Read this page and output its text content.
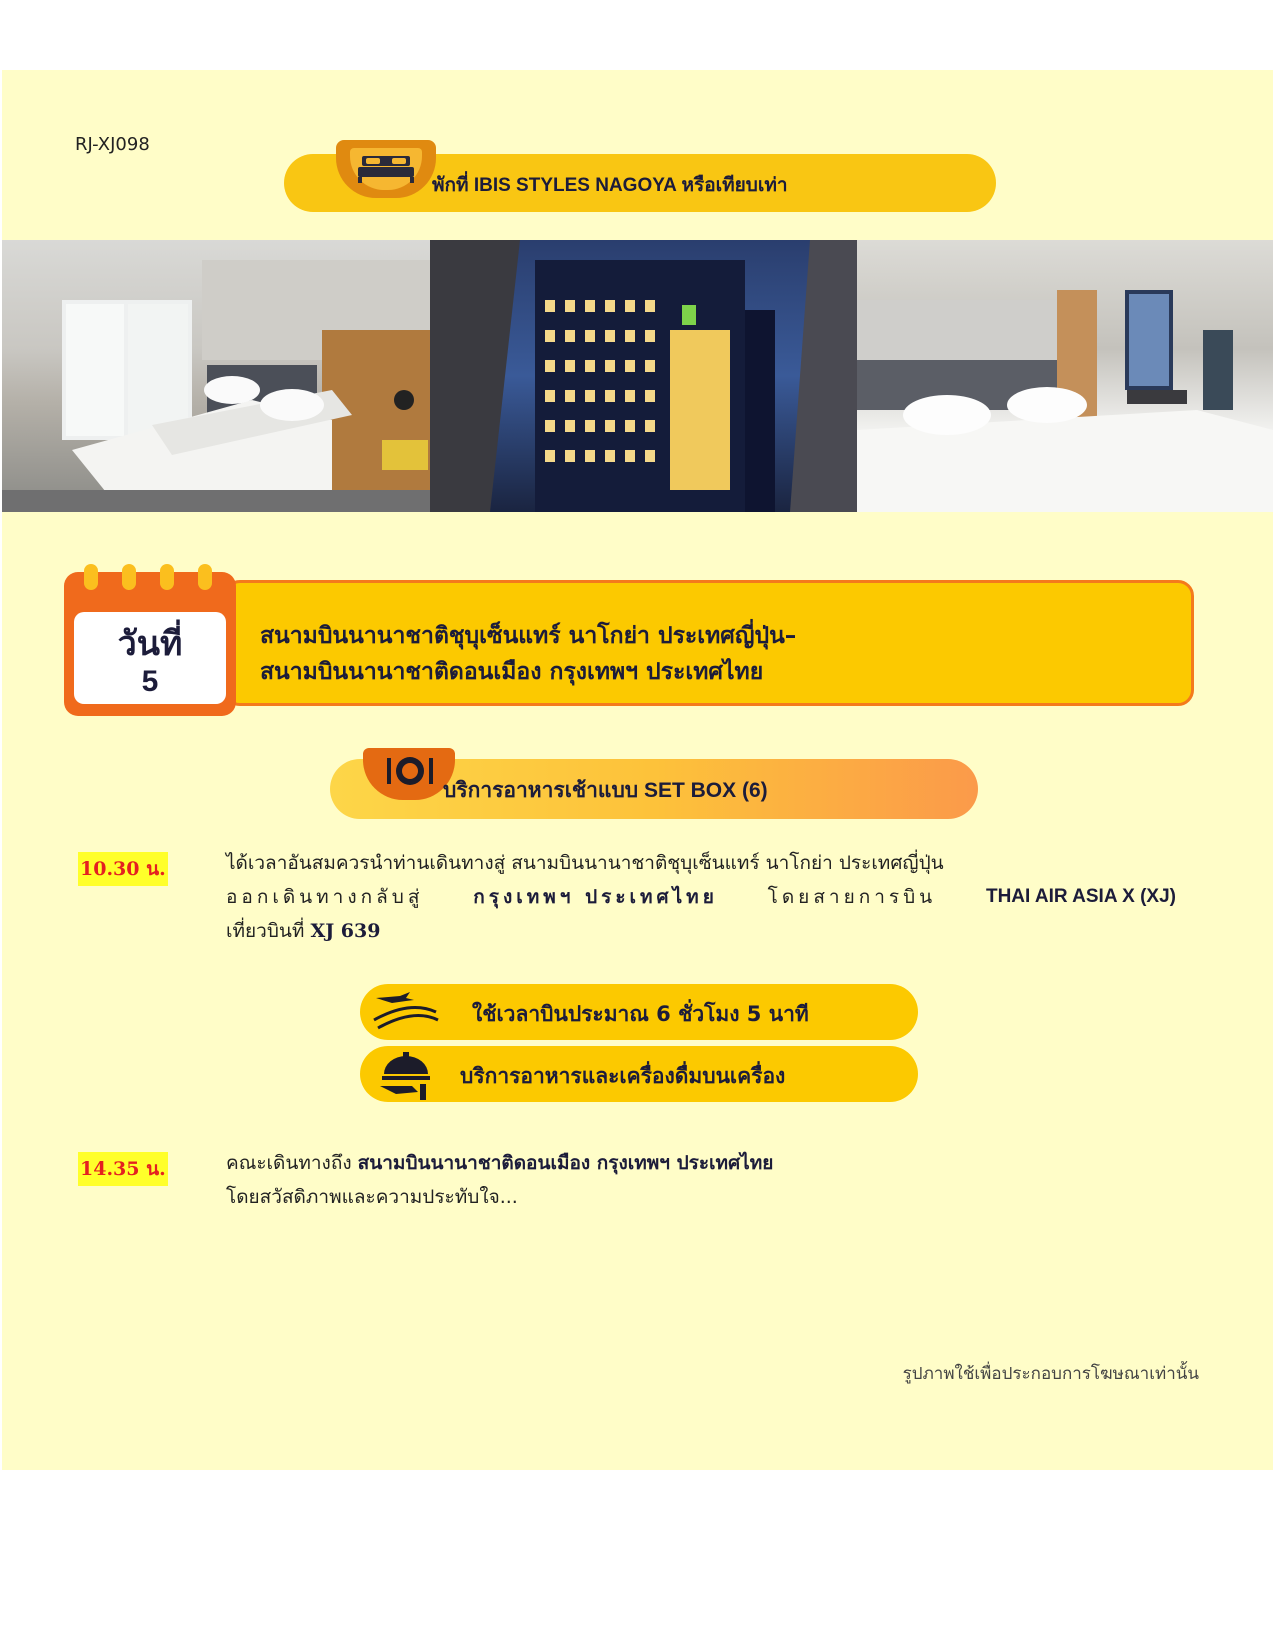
RJ-XJ098
พักที่ IBIS STYLES NAGOYA หรือเทียบเท่า
วันที่
5
สนามบินนานาชาติชุบุเซ็นแทร์ นาโกย่า ประเทศญี่ปุ่น–
สนามบินนานาชาติดอนเมือง กรุงเทพฯ ประเทศไทย
บริการอาหารเช้าแบบ SET BOX (6)
10.30 น.	ได้เวลาอันสมควรนำท่านเดินทางสู่ สนามบินนานาชาติชุบุเซ็นแทร์ นาโกย่า ประเทศญี่ปุ่น
ออกเดินทางกลับสู่	กรุงเทพฯ ประเทศไทย	โดยสายการบิน	THAI AIR ASIA X (XJ)
เที่ยวบินที่ XJ 639
ใช้เวลาบินประมาณ 6 ชั่วโมง 5 นาที
บริการอาหารและเครื่องดื่มบนเครื่อง
14.35 น.	คณะเดินทางถึง สนามบินนานาชาติดอนเมือง กรุงเทพฯ ประเทศไทย
โดยสวัสดิภาพและความประทับใจ...
รูปภาพใช้เพื่อประกอบการโฆษณาเท่านั้น
